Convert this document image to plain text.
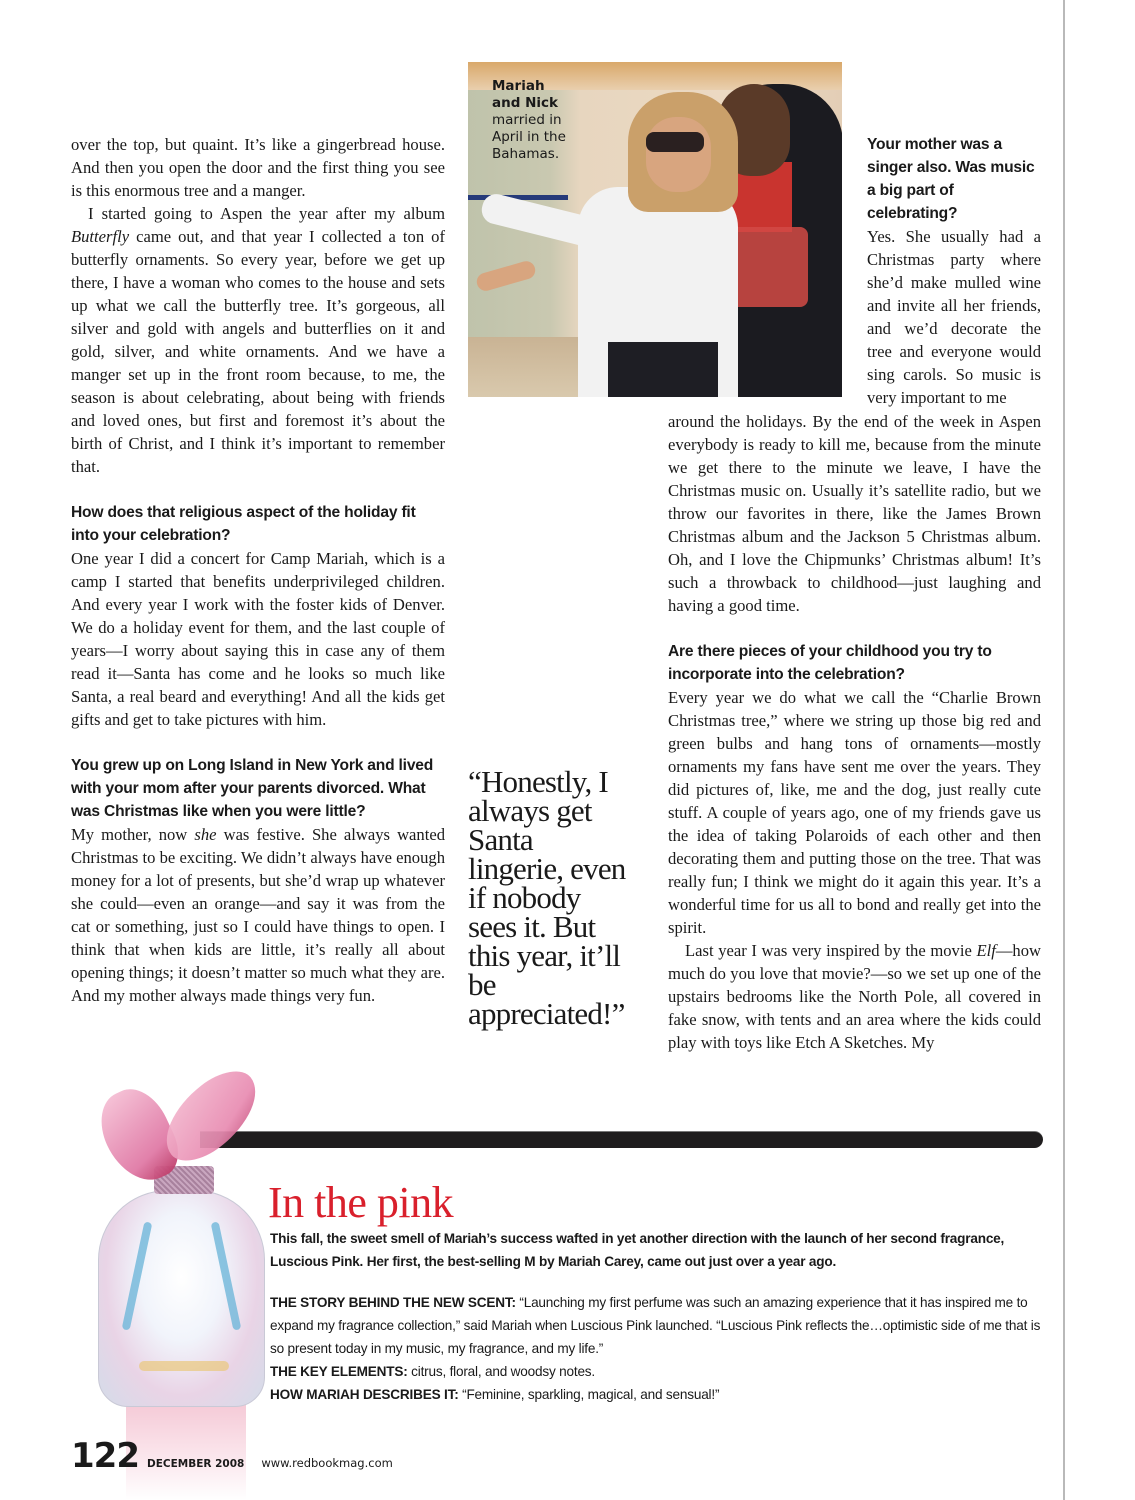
over the top, but quaint. It’s like a gingerbread house. And then you open the door and the first thing you see is this enormous tree and a manger.

I started going to Aspen the year after my album Butterfly came out, and that year I collected a ton of butterfly ornaments. So every year, before we get up there, I have a woman who comes to the house and sets up what we call the butterfly tree. It’s gorgeous, all silver and gold with angels and butterflies on it and gold, silver, and white ornaments. And we have a manger set up in the front room because, to me, the season is about celebrating, about being with friends and loved ones, but first and foremost it’s about the birth of Christ, and I think it’s important to remember that.

How does that religious aspect of the holiday fit into your celebration?

One year I did a concert for Camp Mariah, which is a camp I started that benefits underprivileged children. And every year I work with the foster kids of Denver. We do a holiday event for them, and the last couple of years—I worry about saying this in case any of them read it—Santa has come and he looks so much like Santa, a real beard and everything! And all the kids get gifts and get to take pictures with him.

You grew up on Long Island in New York and lived with your mom after your parents divorced. What was Christmas like when you were little?

My mother, now she was festive. She always wanted Christmas to be exciting. We didn’t always have enough money for a lot of presents, but she’d wrap up whatever she could—even an orange—and say it was from the cat or something, just so I could have things to open. I think that when kids are little, it’s really all about opening things; it doesn’t matter so much what they are. And my mother always made things very fun.

Mariah
and Nick
married in April in the Bahamas.

Your mother was a singer also. Was music a big part of celebrating?

Yes. She usually had a Christmas party where she’d make mulled wine and invite all her friends, and we’d decorate the tree and everyone would sing carols. So music is very important to me

around the holidays. By the end of the week in Aspen everybody is ready to kill me, because from the minute we get there to the minute we leave, I have the Christmas music on. Usually it’s satellite radio, but we throw our favorites in there, like the James Brown Christmas album and the Jackson 5 Christmas album. Oh, and I love the Chipmunks’ Christmas album! It’s such a throwback to childhood—just laughing and having a good time.

Are there pieces of your childhood you try to incorporate into the celebration?

Every year we do what we call the “Charlie Brown Christmas tree,” where we string up those big red and green bulbs and hang tons of ornaments—mostly ornaments my fans have sent me over the years. They did pictures of, like, me and the dog, just really cute stuff. A couple of years ago, one of my friends gave us the idea of taking Polaroids of each other and then decorating them and putting those on the tree. That was really fun; I think we might do it again this year. It’s a wonderful time for us all to bond and really get into the spirit.

Last year I was very inspired by the movie Elf—how much do you love that movie?—so we set up one of the upstairs bedrooms like the North Pole, all covered in fake snow, with tents and an area where the kids could play with toys like Etch A Sketches. My

“Honestly, I always get Santa lingerie, even if nobody sees it. But this year, it’ll be appreciated!”
In the pink

This fall, the sweet smell of Mariah’s success wafted in yet another direction with the launch of her second fragrance, Luscious Pink. Her first, the best-selling M by Mariah Carey, came out just over a year ago.

THE STORY BEHIND THE NEW SCENT: “Launching my first perfume was such an amazing experience that it has inspired me to expand my fragrance collection,” said Mariah when Luscious Pink launched. “Luscious Pink reflects the…optimistic side of me that is so present today in my music, my fragrance, and my life.”

THE KEY ELEMENTS: citrus, floral, and woodsy notes.

HOW MARIAH DESCRIBES IT: “Feminine, sparkling, magical, and sensual!”

122 DECEMBER 2008 www.redbookmag.com
